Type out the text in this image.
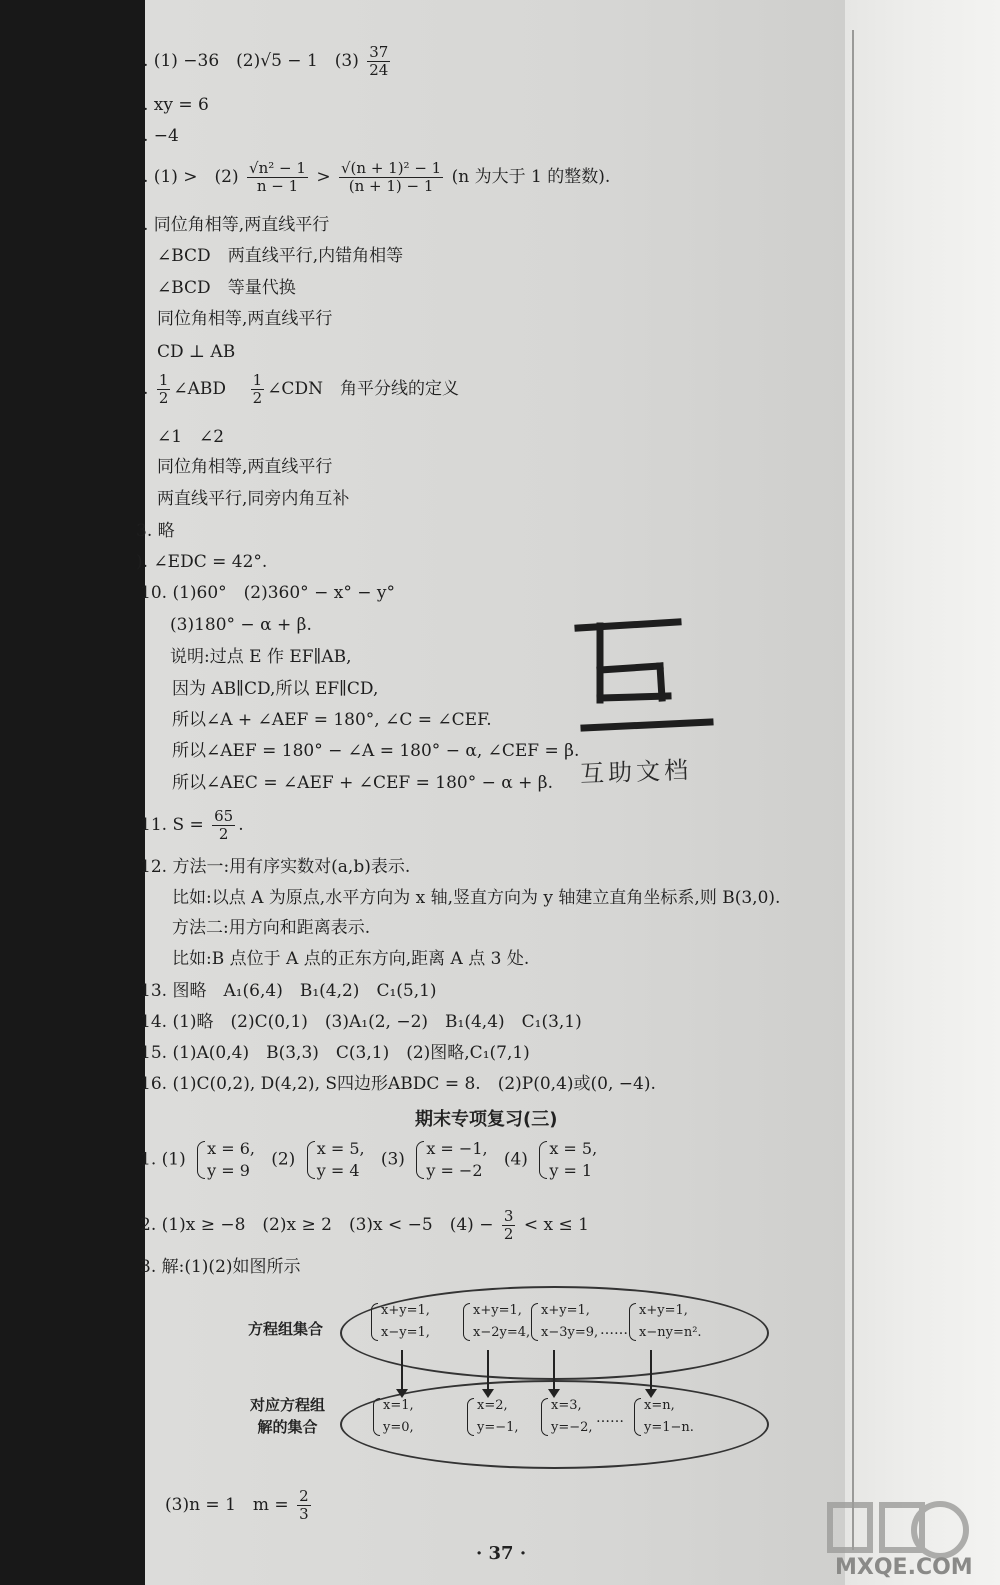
. (1) −36　(2)√5 − 1　$(3) \frac{37}{24}$
. xy = 6
. −4
. (1) >　$(2) \frac{\text{√n² − 1}}{n - 1} > \frac{\text{√(n + 1)² − 1}}{(n + 1) - 1} (n$ 为大于 1 的整数).
. 同位角相等,两直线平行
∠BCD　两直线平行,内错角相等
∠BCD　等量代换
同位角相等,两直线平行
CD ⊥ AB
. $\frac{1}{2}$ ∠ABD $\frac{1}{2}$ ∠CDN　角平分线的定义
∠1　∠2
同位角相等,两直线平行
两直线平行,同旁内角互补
3. 略
). ∠EDC = 42°.
10. (1)60°　(2)360° − x° − y°
(3)180° − α + β.
说明:过点 E 作 EF∥AB,
因为 AB∥CD,所以 EF∥CD,
所以∠A + ∠AEF = 180°, ∠C = ∠CEF.
所以∠AEF = 180° − ∠A = 180° − α, ∠CEF = β.
所以∠AEC = ∠AEF + ∠CEF = 180° − α + β.
11. $S = \frac{65}{2}$ .
12. 方法一:用有序实数对(a,b)表示.
比如:以点 A 为原点,水平方向为 x 轴,竖直方向为 y 轴建立直角坐标系,则 B(3,0).
方法二:用方向和距离表示.
比如:B 点位于 A 点的正东方向,距离 A 点 3 处.
13. 图略　A₁(6,4)　B₁(4,2)　C₁(5,1)
14. (1)略　(2)C(0,1)　(3)A₁(2, −2)　B₁(4,4)　C₁(3,1)
15. (1)A(0,4)　B(3,3)　C(3,1)　(2)图略,C₁(7,1)
16. (1)C(0,2), D(4,2), S四边形ABDC = 8.　(2)P(0,4)或(0, −4).
期末专项复习(三)
1. (1)
x = 6,
y = 9
(2)
x = 5,
y = 4
(3)
x = −1,
y = −2
(4)
x = 5,
y = 1
2. (1)x ≥ −8　(2)x ≥ 2　(3)x < −5　$(4) - \frac{3}{2} < x \le 1$
3. 解:(1)(2)如图所示
方程组集合
对应方程组
解的集合
x+y=1,
x−y=1,
x+y=1,
x−2y=4,
x+y=1,
x−3y=9, ……
x+y=1,
x−ny=n².
x=1,
y=0,
x=2,
y=−1,
x=3,
y=−2,
……
x=n,
y=1−n.
(3)n = 1　$m = \frac{2}{3}$
互助文档
· 37 ·
MXQE.COM
